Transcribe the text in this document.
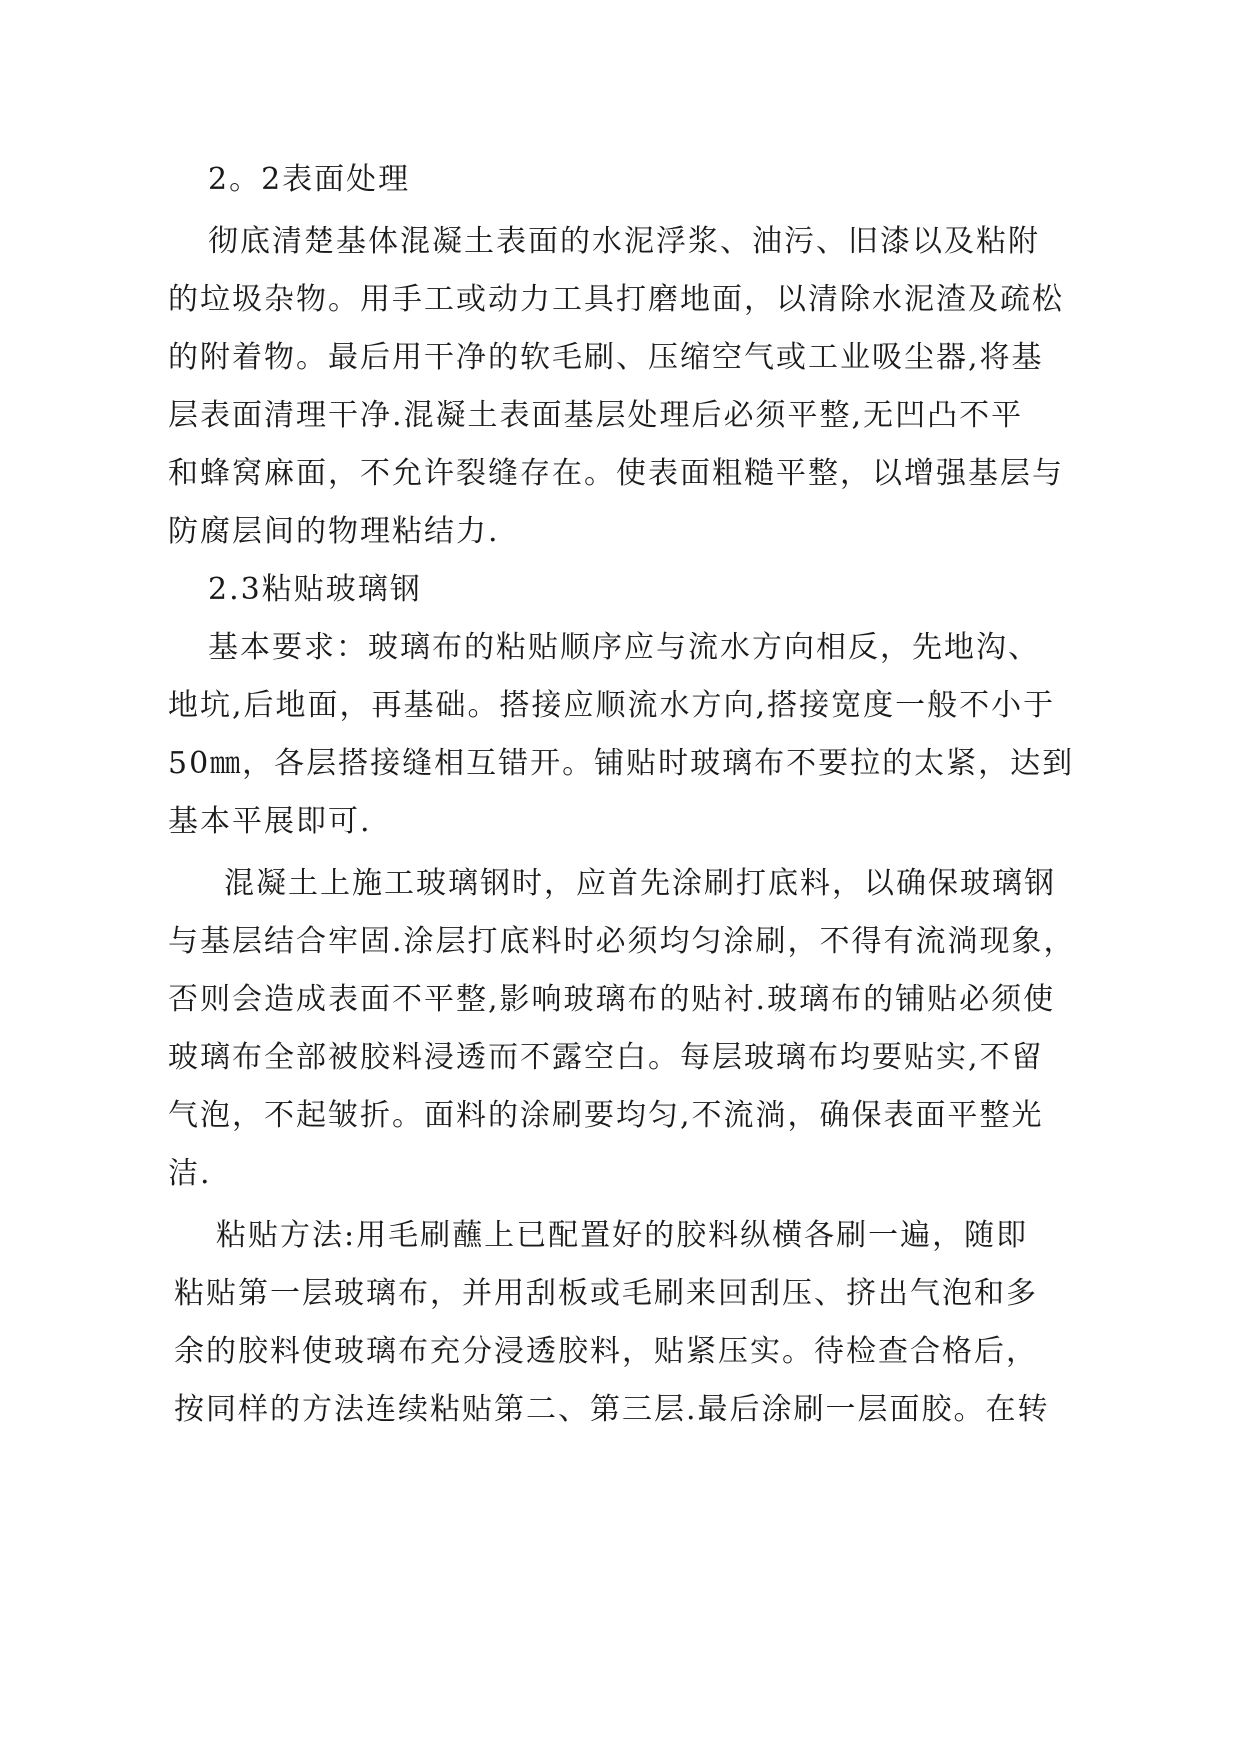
2。2表面处理
彻底清楚基体混凝土表面的水泥浮浆、油污、旧漆以及粘附
的垃圾杂物。用手工或动力工具打磨地面，以清除水泥渣及疏松
的附着物。最后用干净的软毛刷、压缩空气或工业吸尘器,将基
层表面清理干净.混凝土表面基层处理后必须平整,无凹凸不平
和蜂窝麻面，不允许裂缝存在。使表面粗糙平整，以增强基层与
防腐层间的物理粘结力.
2.3粘贴玻璃钢
基本要求：玻璃布的粘贴顺序应与流水方向相反，先地沟、
地坑,后地面，再基础。搭接应顺流水方向,搭接宽度一般不小于
50㎜，各层搭接缝相互错开。铺贴时玻璃布不要拉的太紧，达到
基本平展即可.
混凝土上施工玻璃钢时，应首先涂刷打底料，以确保玻璃钢
与基层结合牢固.涂层打底料时必须均匀涂刷，不得有流淌现象，
否则会造成表面不平整,影响玻璃布的贴衬.玻璃布的铺贴必须使
玻璃布全部被胶料浸透而不露空白。每层玻璃布均要贴实,不留
气泡，不起皱折。面料的涂刷要均匀,不流淌，确保表面平整光
洁.
粘贴方法:用毛刷蘸上已配置好的胶料纵横各刷一遍，随即
粘贴第一层玻璃布，并用刮板或毛刷来回刮压、挤出气泡和多
余的胶料使玻璃布充分浸透胶料，贴紧压实。待检查合格后，
按同样的方法连续粘贴第二、第三层.最后涂刷一层面胶。在转
